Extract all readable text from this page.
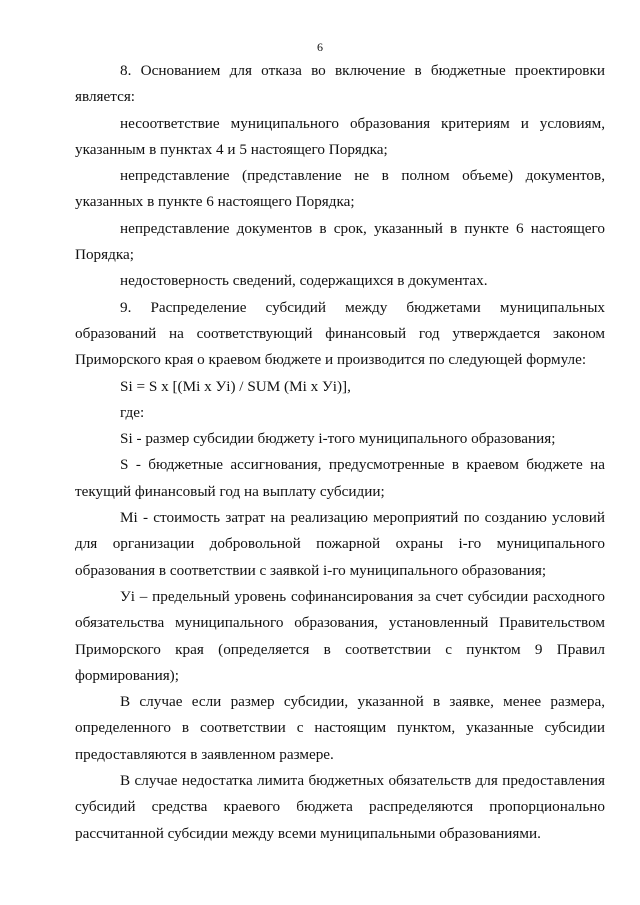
6
8. Основанием для отказа во включение в бюджетные проектировки
является:
несоответствие муниципального образования критериям и условиям,
указанным в пунктах 4 и 5 настоящего Порядка;
непредставление (представление не в полном объеме) документов,
указанных в пункте 6 настоящего Порядка;
непредставление документов в срок, указанный в пункте 6 настоящего
Порядка;
недостоверность сведений, содержащихся в документах.
9. Распределение субсидий между бюджетами муниципальных
образований на соответствующий финансовый год утверждается законом
Приморского края о краевом бюджете и производится по следующей формуле:
Si = S x [(Mi x Уi) / SUM (Mi x Уi)],
где:
Si - размер субсидии бюджету i-того муниципального образования;
S - бюджетные ассигнования, предусмотренные в краевом бюджете на
текущий финансовый год на выплату субсидии;
Mi - стоимость затрат на реализацию мероприятий по созданию условий
для организации добровольной пожарной охраны i-го муниципального
образования в соответствии с заявкой i-го муниципального образования;
Уi – предельный уровень софинансирования за счет субсидии расходного
обязательства муниципального образования, установленный Правительством
Приморского края (определяется в соответствии с пунктом 9 Правил
формирования);
В случае если размер субсидии, указанной в заявке, менее размера,
определенного в соответствии с настоящим пунктом, указанные субсидии
предоставляются в заявленном размере.
В случае недостатка лимита бюджетных обязательств для предоставления
субсидий средства краевого бюджета распределяются пропорционально
рассчитанной субсидии между всеми муниципальными образованиями.
